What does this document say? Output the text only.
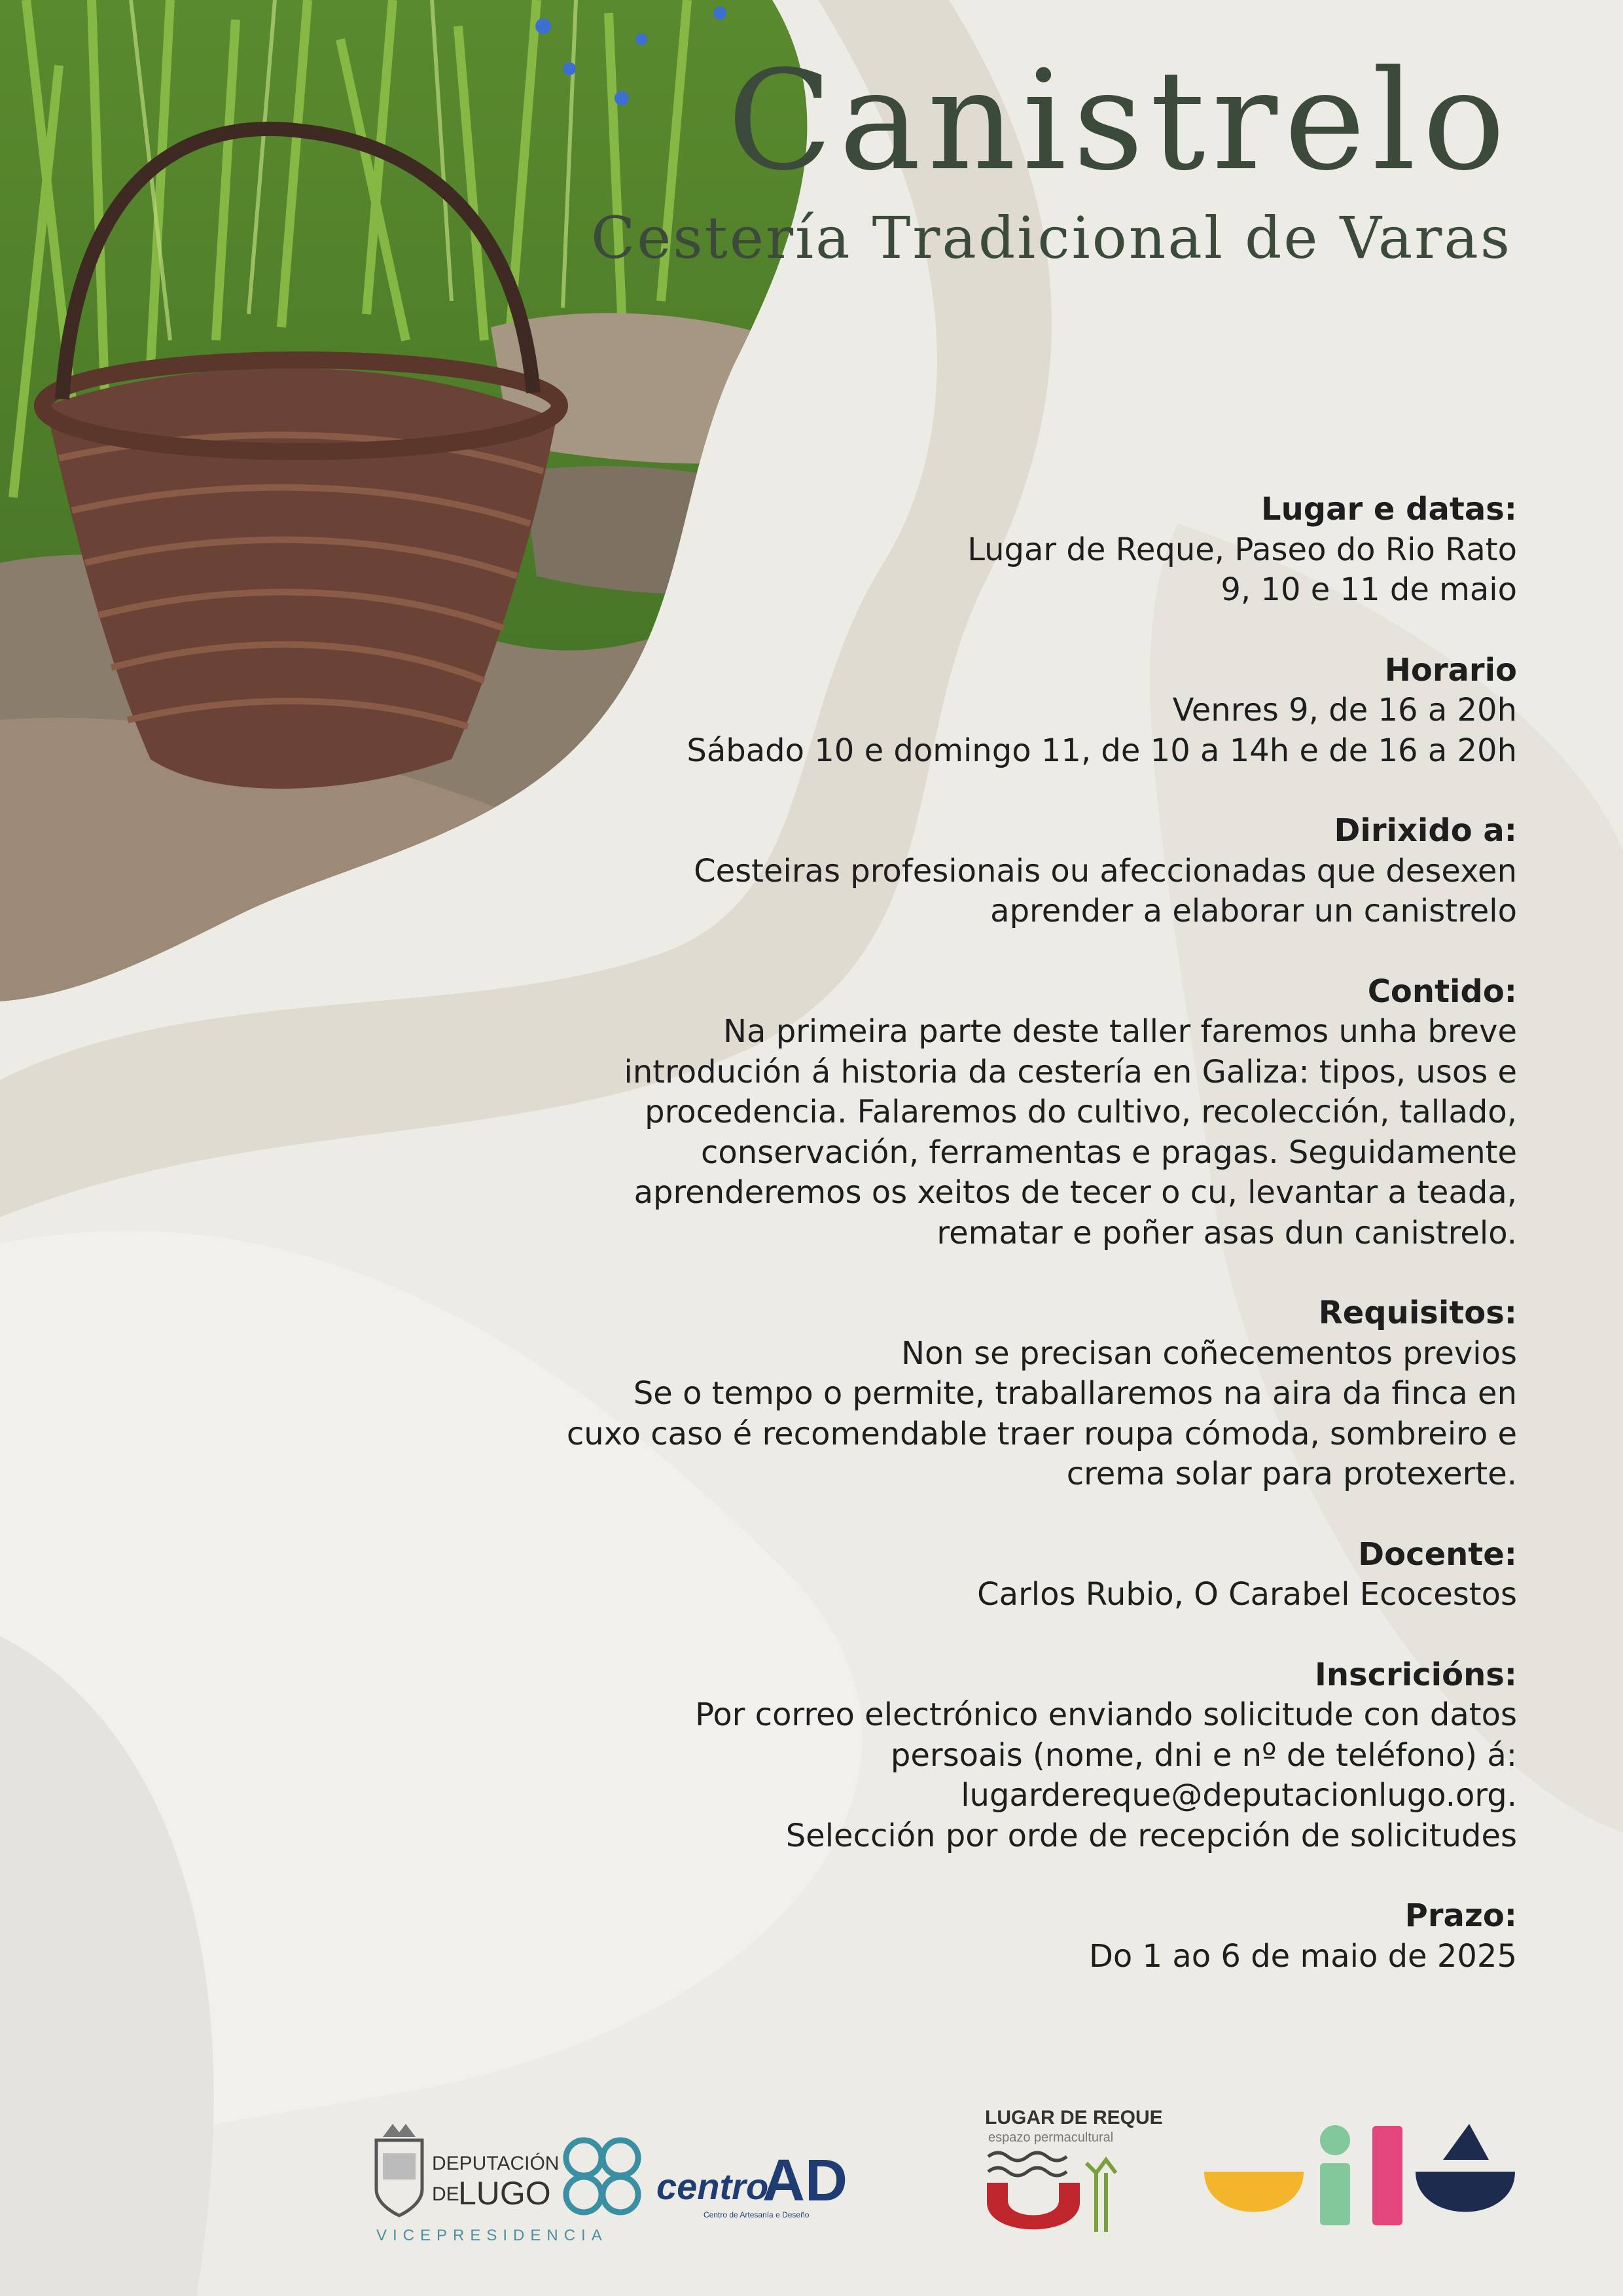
Canistrelo
Cestería Tradicional de Varas
Lugar e datas:
Lugar de Reque, Paseo do Rio Rato
9, 10 e 11 de maio
Horario
Venres 9, de 16 a 20h
Sábado 10 e domingo 11, de 10 a 14h e de 16 a 20h
Dirixido a:
Cesteiras profesionais ou afeccionadas que desexen
aprender a elaborar un canistrelo
Contido:
Na primeira parte deste taller faremos unha breve
introdución á historia da cestería en Galiza: tipos, usos e
procedencia. Falaremos do cultivo, recolección, tallado,
conservación, ferramentas e pragas. Seguidamente
aprenderemos os xeitos de tecer o cu, levantar a teada,
rematar e poñer asas dun canistrelo.
Requisitos:
Non se precisan coñecementos previos
Se o tempo o permite, traballaremos na aira da finca en
cuxo caso é recomendable traer roupa cómoda, sombreiro e
crema solar para protexerte.
Docente:
Carlos Rubio, O Carabel Ecocestos
Inscricións:
Por correo electrónico enviando solicitude con datos
persoais (nome, dni e nº de teléfono) á:
lugardereque@deputacionlugo.org.
Selección por orde de recepción de solicitudes
Prazo:
Do 1 ao 6 de maio de 2025
DEPUTACIÓN
DE
LUGO
VICEPRESIDENCIA
centro
AD
Centro de Artesanía e Deseño
LUGAR DE REQUE
espazo permacultural
